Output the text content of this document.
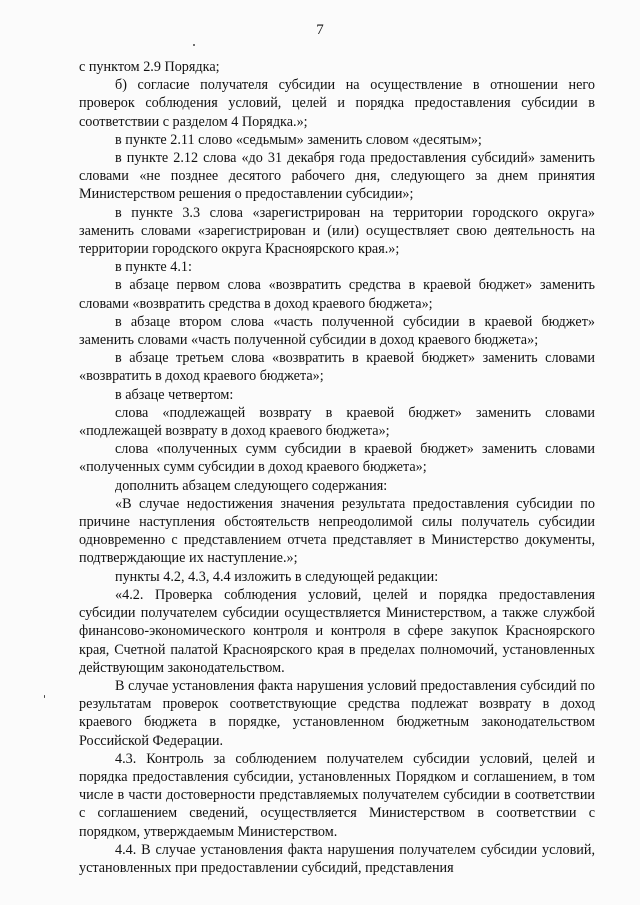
7

с пунктом 2.9 Порядка;

б) согласие получателя субсидии на осуществление в отношении него проверок соблюдения условий, целей и порядка предоставления субсидии в соответствии с разделом 4 Порядка.»;

в пункте 2.11 слово «седьмым» заменить словом «десятым»;

в пункте 2.12 слова «до 31 декабря года предоставления субсидий» заменить словами «не позднее десятого рабочего дня, следующего за днем принятия Министерством решения о предоставлении субсидии»;

в пункте 3.3 слова «зарегистрирован на территории городского округа» заменить словами «зарегистрирован и (или) осуществляет свою деятельность на территории городского округа Красноярского края.»;

в пункте 4.1:

в абзаце первом слова «возвратить средства в краевой бюджет» заменить словами «возвратить средства в доход краевого бюджета»;

в абзаце втором слова «часть полученной субсидии в краевой бюджет» заменить словами «часть полученной субсидии в доход краевого бюджета»;

в абзаце третьем слова «возвратить в краевой бюджет» заменить словами «возвратить в доход краевого бюджета»;

в абзаце четвертом:

слова «подлежащей возврату в краевой бюджет» заменить словами «подлежащей возврату в доход краевого бюджета»;

слова «полученных сумм субсидии в краевой бюджет» заменить словами «полученных сумм субсидии в доход краевого бюджета»;

дополнить абзацем следующего содержания:

«В случае недостижения значения результата предоставления субсидии по причине наступления обстоятельств непреодолимой силы получатель субсидии одновременно с представлением отчета представляет в Министерство документы, подтверждающие их наступление.»;

пункты 4.2, 4.3, 4.4 изложить в следующей редакции:

«4.2. Проверка соблюдения условий, целей и порядка предоставления субсидии получателем субсидии осуществляется Министерством, а также службой финансово-экономического контроля и контроля в сфере закупок Красноярского края, Счетной палатой Красноярского края в пределах полномочий, установленных действующим законодательством.

В случае установления факта нарушения условий предоставления субсидий по результатам проверок соответствующие средства подлежат возврату в доход краевого бюджета в порядке, установленном бюджетным законодательством Российской Федерации.

4.3. Контроль за соблюдением получателем субсидии условий, целей и порядка предоставления субсидии, установленных Порядком и соглашением, в том числе в части достоверности представляемых получателем субсидии в соответствии с соглашением сведений, осуществляется Министерством в соответствии с порядком, утверждаемым Министерством.

4.4. В случае установления факта нарушения получателем субсидии условий, установленных при предоставлении субсидий, представления
